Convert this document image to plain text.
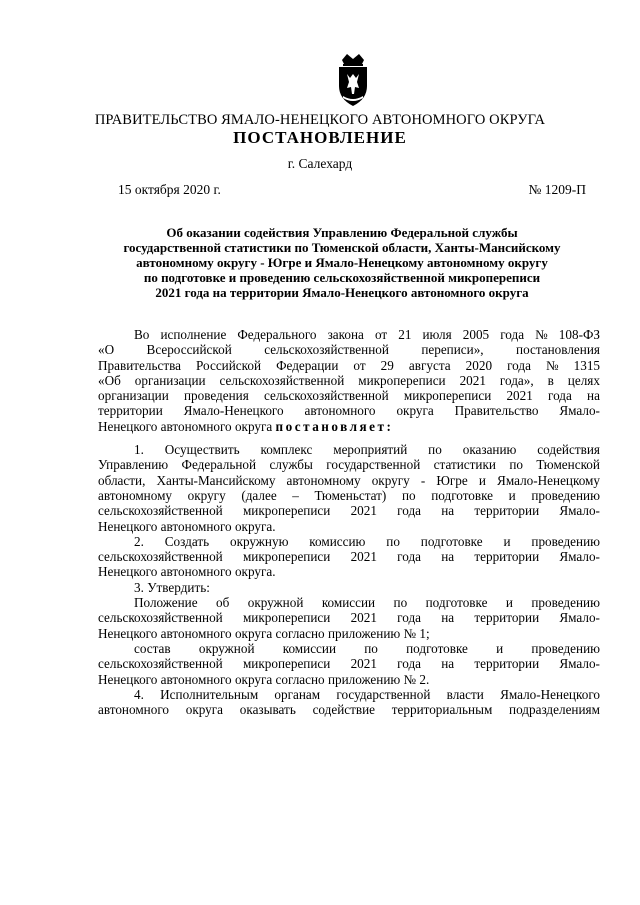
ПРАВИТЕЛЬСТВО ЯМАЛО-НЕНЕЦКОГО АВТОНОМНОГО ОКРУГА
ПОСТАНОВЛЕНИЕ
г. Салехард
15 октября 2020 г.	№ 1209-П
Об оказании содействия Управлению Федеральной службы
государственной статистики по Тюменской области, Ханты-Мансийскому
автономному округу - Югре и Ямало-Ненецкому автономному округу
по подготовке и проведению сельскохозяйственной микропереписи
2021 года на территории Ямало-Ненецкого автономного округа
Во исполнение Федерального закона от 21 июля 2005 года № 108-ФЗ
«О Всероссийской сельскохозяйственной переписи», постановления
Правительства Российской Федерации от 29 августа 2020 года № 1315
«Об организации сельскохозяйственной микропереписи 2021 года», в целях
организации проведения сельскохозяйственной микропереписи 2021 года на
территории Ямало-Ненецкого автономного округа Правительство Ямало-
Ненецкого автономного округа постановляет :
1. Осуществить комплекс мероприятий по оказанию содействия
Управлению Федеральной службы государственной статистики по Тюменской
области, Ханты-Мансийскому автономному округу - Югре и Ямало-Ненецкому
автономному округу (далее – Тюменьстат) по подготовке и проведению
сельскохозяйственной микропереписи 2021 года на территории Ямало-
Ненецкого автономного округа.
2. Создать окружную комиссию по подготовке и проведению
сельскохозяйственной микропереписи 2021 года на территории Ямало-
Ненецкого автономного округа.
3. Утвердить:
Положение об окружной комиссии по подготовке и проведению
сельскохозяйственной микропереписи 2021 года на территории Ямало-
Ненецкого автономного округа согласно приложению № 1;
состав окружной комиссии по подготовке и проведению
сельскохозяйственной микропереписи 2021 года на территории Ямало-
Ненецкого автономного округа согласно приложению № 2.
4. Исполнительным органам государственной власти Ямало-Ненецкого
автономного округа оказывать содействие территориальным подразделениям
